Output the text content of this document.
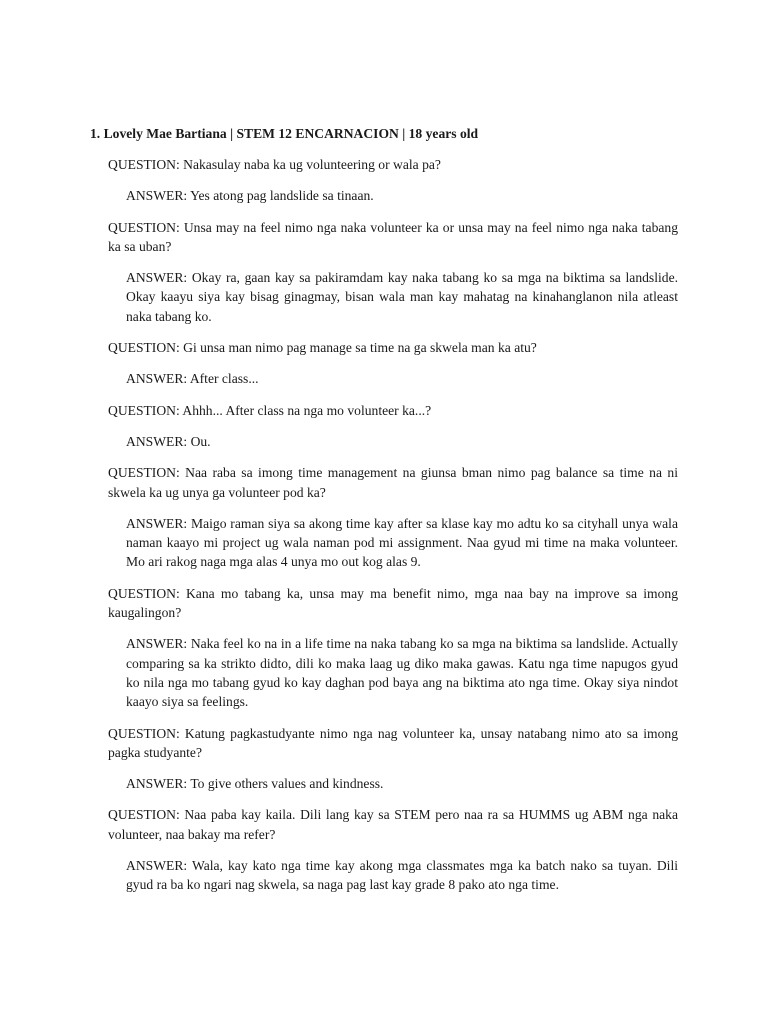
1. Lovely Mae Bartiana | STEM 12 ENCARNACION | 18 years old

QUESTION: Nakasulay naba ka ug volunteering or wala pa?

ANSWER: Yes atong pag landslide sa tinaan.

QUESTION: Unsa may na feel nimo nga naka volunteer ka or unsa may na feel nimo nga naka tabang ka sa uban?

ANSWER: Okay ra, gaan kay sa pakiramdam kay naka tabang ko sa mga na biktima sa landslide. Okay kaayu siya kay bisag ginagmay, bisan wala man kay mahatag na kinahanglanon nila atleast naka tabang ko.

QUESTION: Gi unsa man nimo pag manage sa time na ga skwela man ka atu?

ANSWER: After class...

QUESTION: Ahhh... After class na nga mo volunteer ka...?

ANSWER: Ou.

QUESTION: Naa raba sa imong time management na giunsa bman nimo pag balance sa time na ni skwela ka ug unya ga volunteer pod ka?

ANSWER: Maigo raman siya sa akong time kay after sa klase kay mo adtu ko sa cityhall unya wala naman kaayo mi project ug wala naman pod mi assignment. Naa gyud mi time na maka volunteer. Mo ari rakog naga mga alas 4 unya mo out kog alas 9.

QUESTION: Kana mo tabang ka, unsa may ma benefit nimo, mga naa bay na improve sa imong kaugalingon?

ANSWER: Naka feel ko na in a life time na naka tabang ko sa mga na biktima sa landslide. Actually comparing sa ka strikto didto, dili ko maka laag ug diko maka gawas. Katu nga time napugos gyud ko nila nga mo tabang gyud ko kay daghan pod baya ang na biktima ato nga time. Okay siya nindot kaayo siya sa feelings.

QUESTION: Katung pagkastudyante nimo nga nag volunteer ka, unsay natabang nimo ato sa imong pagka studyante?

ANSWER: To give others values and kindness.

QUESTION: Naa paba kay kaila. Dili lang kay sa STEM pero naa ra sa HUMMS ug ABM nga naka volunteer, naa bakay ma refer?

ANSWER: Wala, kay kato nga time kay akong mga classmates mga ka batch nako sa tuyan. Dili gyud ra ba ko ngari nag skwela, sa naga pag last kay grade 8 pako ato nga time.
